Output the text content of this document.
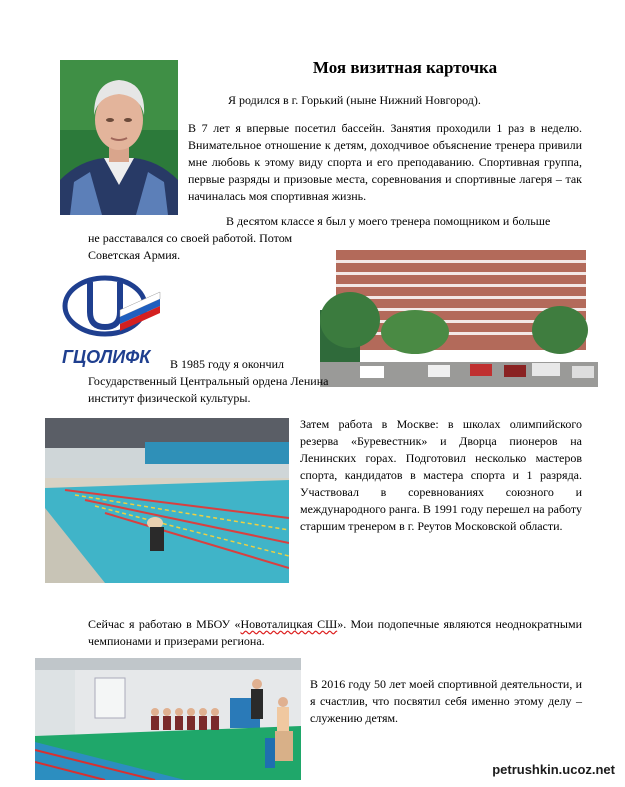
Моя визитная карточка
Я родился в г. Горький (ныне Нижний Новгород).
В 7 лет я впервые посетил бассейн. Занятия проходили 1 раз в неделю. Внимательное отношение к детям, доходчивое объяснение тренера привили мне любовь к этому виду спорта и его преподаванию. Спортивная группа, первые разряды и призовые места, соревнования и спортивные лагеря – так начиналась моя спортивная жизнь.
В десятом классе я был у моего тренера помощником и больше
не расставался со своей работой. Потом Советская Армия.
ГЦОЛИФК	В 1985 году я окончил
Государственный Центральный ордена Ленина институт физической культуры.
Затем работа в Москве: в школах олимпийского резерва «Буревестник» и Дворца пионеров на Ленинских горах. Подготовил несколько мастеров спорта, кандидатов в мастера спорта и 1 разряда. Участвовал в соревнованиях союзного и международного ранга. В 1991 году перешел на работу старшим тренером в г. Реутов Московской области.
Сейчас я работаю в МБОУ «Новоталицкая СШ». Мои подопечные являются неоднократными чемпионами и призерами региона.
В 2016 году 50 лет моей спортивной деятельности, и я счастлив, что посвятил себя именно этому делу – служению детям.
petrushkin.ucoz.net
